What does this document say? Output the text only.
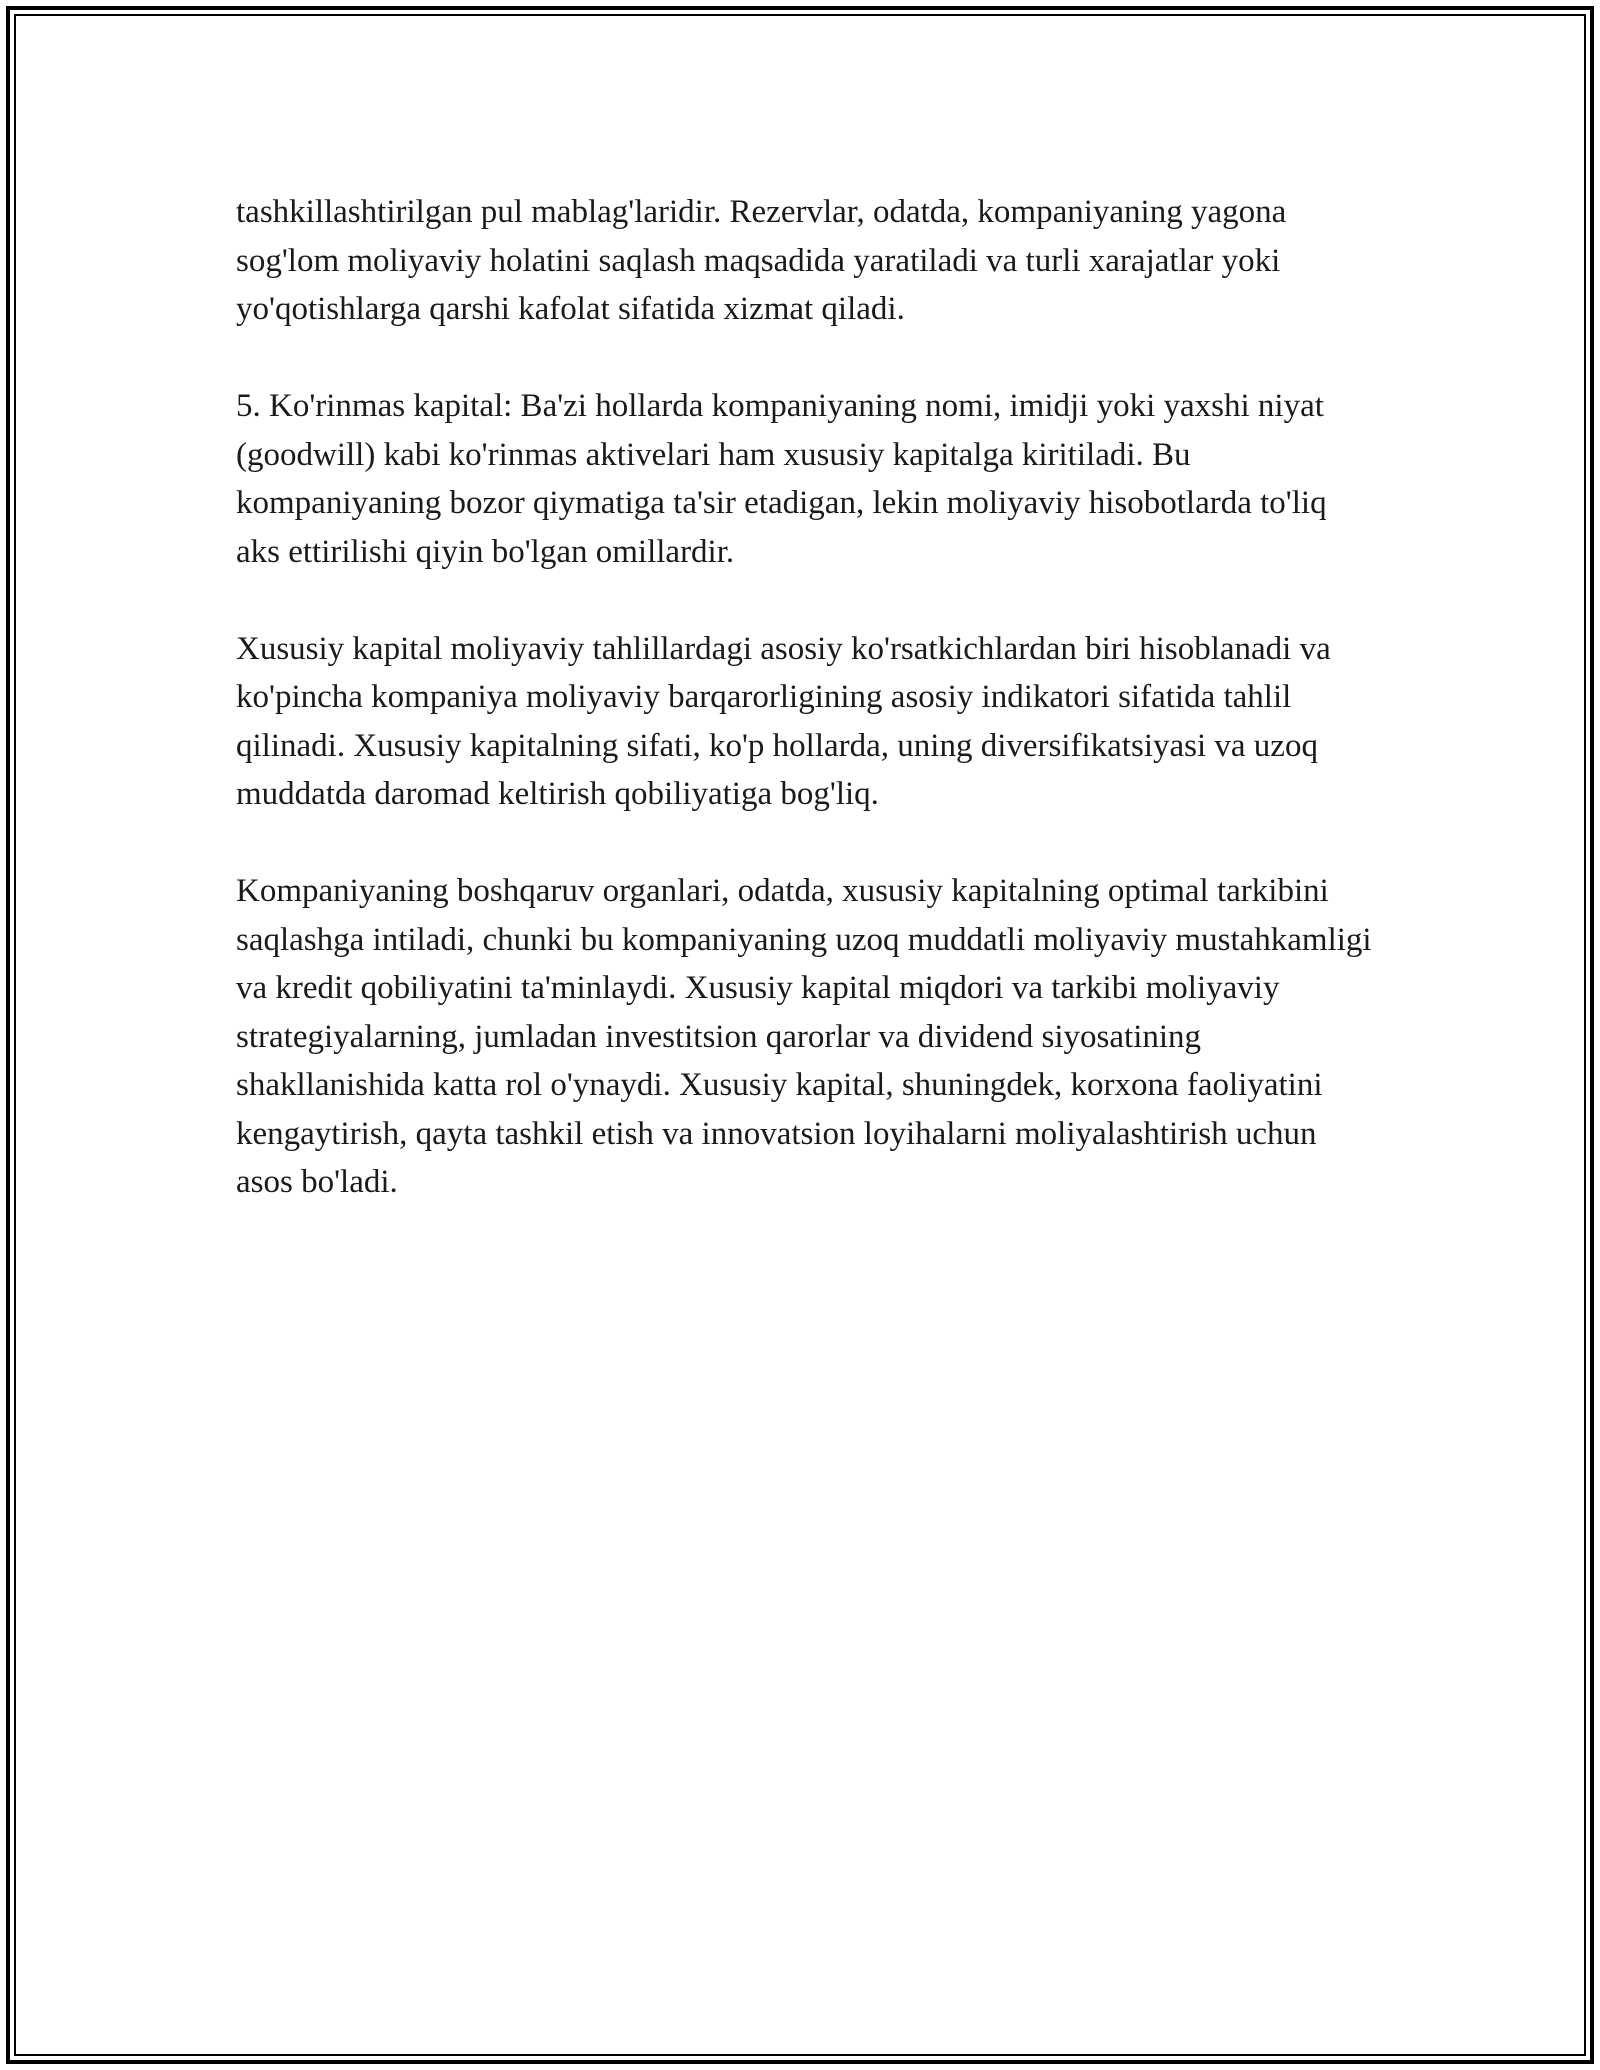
tashkillashtirilgan pul mablag'laridir. Rezervlar, odatda, kompaniyaning yagona sog'lom moliyaviy holatini saqlash maqsadida yaratiladi va turli xarajatlar yoki yo'qotishlarga qarshi kafolat sifatida xizmat qiladi.

5. Ko'rinmas kapital: Ba'zi hollarda kompaniyaning nomi, imidji yoki yaxshi niyat (goodwill) kabi ko'rinmas aktivelari ham xususiy kapitalga kiritiladi. Bu kompaniyaning bozor qiymatiga ta'sir etadigan, lekin moliyaviy hisobotlarda to'liq aks ettirilishi qiyin bo'lgan omillardir.

Xususiy kapital moliyaviy tahlillardagi asosiy ko'rsatkichlardan biri hisoblanadi va ko'pincha kompaniya moliyaviy barqarorligining asosiy indikatori sifatida tahlil qilinadi. Xususiy kapitalning sifati, ko'p hollarda, uning diversifikatsiyasi va uzoq muddatda daromad keltirish qobiliyatiga bog'liq.

Kompaniyaning boshqaruv organlari, odatda, xususiy kapitalning optimal tarkibini saqlashga intiladi, chunki bu kompaniyaning uzoq muddatli moliyaviy mustahkamligi va kredit qobiliyatini ta'minlaydi. Xususiy kapital miqdori va tarkibi moliyaviy strategiyalarning, jumladan investitsion qarorlar va dividend siyosatining shakllanishida katta rol o'ynaydi. Xususiy kapital, shuningdek, korxona faoliyatini kengaytirish, qayta tashkil etish va innovatsion loyihalarni moliyalashtirish uchun asos bo'ladi.
